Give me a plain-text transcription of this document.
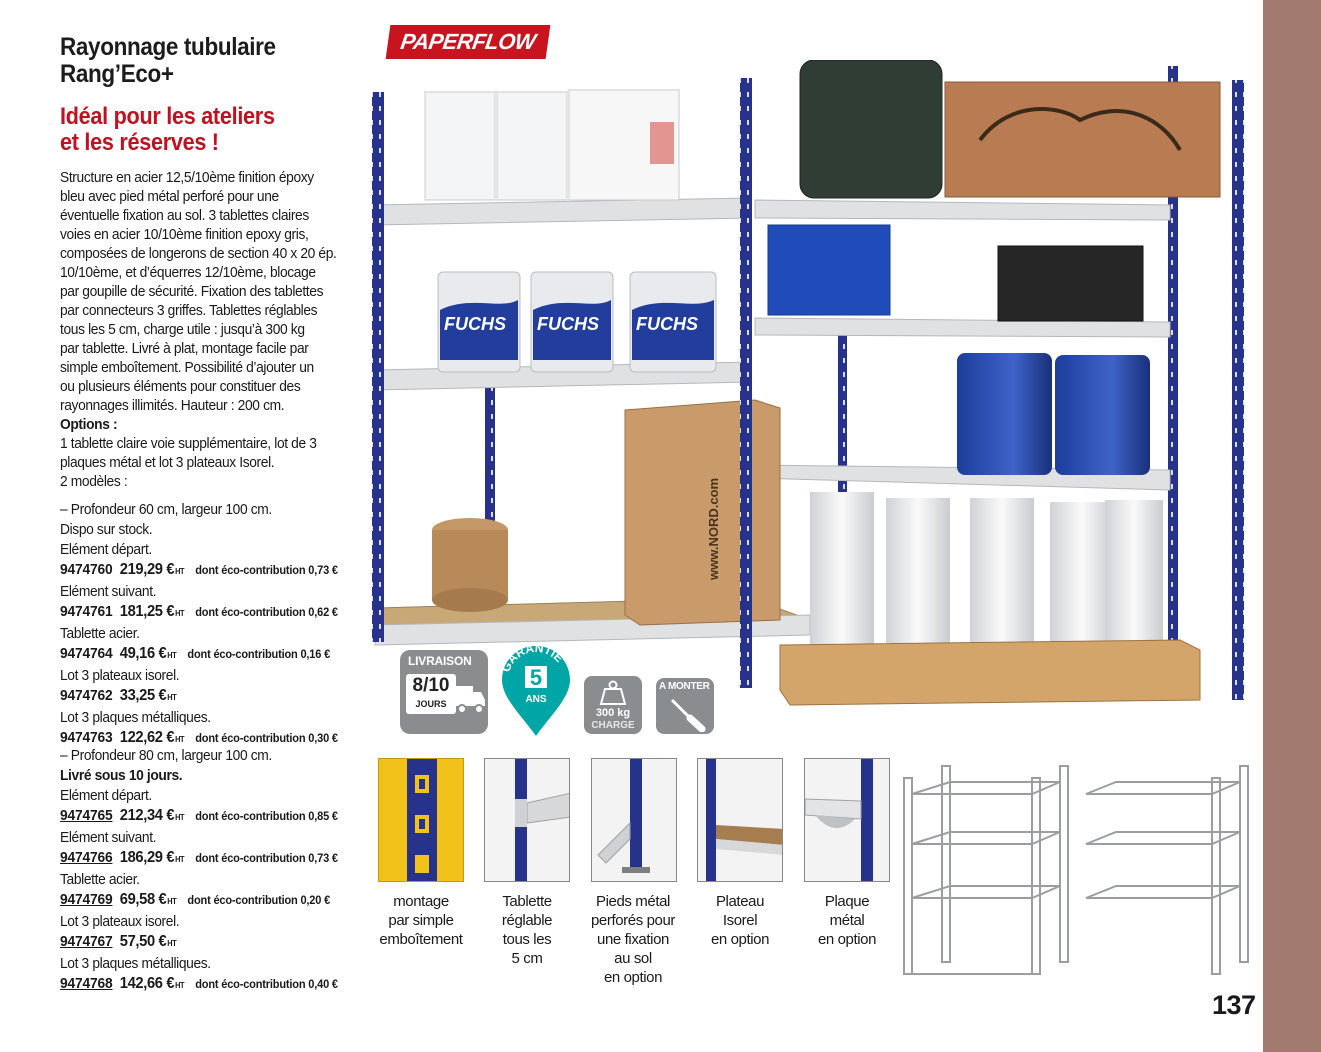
Rayonnage tubulaire
Rang’Eco+
Idéal pour les ateliers
et les réserves !
Structure en acier 12,5/10ème finition époxy
bleu avec pied métal perforé pour une
éventuelle fixation au sol. 3 tablettes claires
voies en acier 10/10ème finition epoxy gris,
composées de longerons de section 40 x 20 ép.
10/10ème, et d’équerres 12/10ème, blocage
par goupille de sécurité. Fixation des tablettes
par connecteurs 3 griffes. Tablettes réglables
tous les 5 cm, charge utile : jusqu’à 300 kg
par tablette. Livré à plat, montage facile par
simple emboîtement. Possibilité d’ajouter un
ou plusieurs éléments pour constituer des
rayonnages illimités. Hauteur : 200 cm.
Options :
1 tablette claire voie supplémentaire, lot de 3
plaques métal et lot 3 plateaux Isorel.
2 modèles :
– Profondeur 60 cm, largeur 100 cm.
Dispo sur stock.
Elément départ.
9474760 219,29 € HT dont éco-contribution 0,73 €
Elément suivant.
9474761 181,25 € HT dont éco-contribution 0,62 €
Tablette acier.
9474764 49,16 € HT dont éco-contribution 0,16 €
Lot 3 plateaux isorel.
9474762 33,25 € HT
Lot 3 plaques métalliques.
9474763 122,62 € HT dont éco-contribution 0,30 €
– Profondeur 80 cm, largeur 100 cm.
Livré sous 10 jours.
Elément départ.
9474765 212,34 € HT dont éco-contribution 0,85 €
Elément suivant.
9474766 186,29 € HT dont éco-contribution 0,73 €
Tablette acier.
9474769 69,58 € HT dont éco-contribution 0,20 €
Lot 3 plateaux isorel.
9474767 57,50 € HT
Lot 3 plaques métalliques.
9474768 142,66 € HT dont éco-contribution 0,40 €
PAPERFLOW
FUCHS FUCHS FUCHS
www.NORD.com
LIVRAISON
8/10
JOURS
GARANTIE
5
ANS
300 kg
CHARGE
A MONTER
montage
par simple
emboîtement
Tablette
réglable
tous les
5 cm
Pieds métal
perforés pour
une fixation
au sol
en option
Plateau
Isorel
en option
Plaque
métal
en option
137
